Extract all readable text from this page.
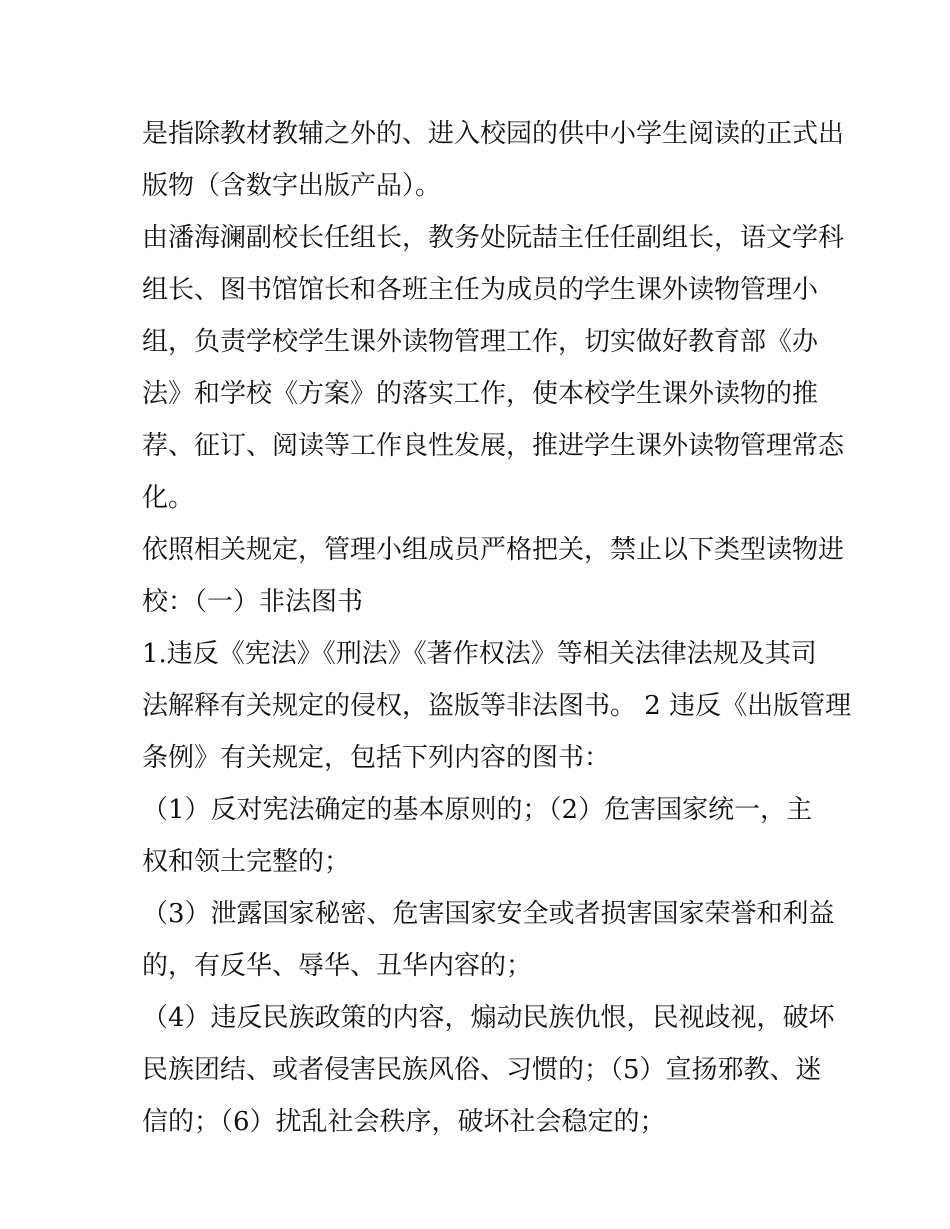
是指除教材教辅之外的、进入校园的供中小学生阅读的正式出
版物（含数字出版产品）。
由潘海澜副校长任组长，教务处阮喆主任任副组长，语文学科
组长、图书馆馆长和各班主任为成员的学生课外读物管理小
组，负责学校学生课外读物管理工作，切实做好教育部《办
法》和学校《方案》的落实工作，使本校学生课外读物的推
荐、征订、阅读等工作良性发展，推进学生课外读物管理常态
化。
依照相关规定，管理小组成员严格把关，禁止以下类型读物进
校：（一）非法图书
1.违反《宪法》《刑法》《著作权法》等相关法律法规及其司
法解释有关规定的侵权，盗版等非法图书。 2 违反《出版管理
条例》有关规定，包括下列内容的图书：
（1）反对宪法确定的基本原则的；（2）危害国家统一，主
权和领土完整的；
（3）泄露国家秘密、危害国家安全或者损害国家荣誉和利益
的，有反华、辱华、丑华内容的；
（4）违反民族政策的内容，煽动民族仇恨，民视歧视，破坏
民族团结、或者侵害民族风俗、习惯的；（5）宣扬邪教、迷
信的；（6）扰乱社会秩序，破坏社会稳定的；
